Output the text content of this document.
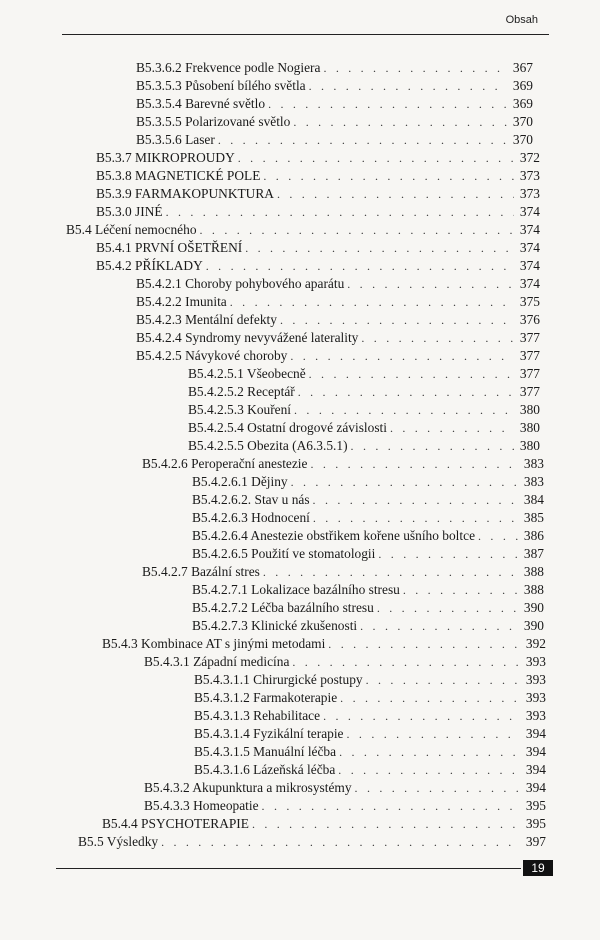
Obsah
B5.3.6.2 Frekvence podle Nogiera . . .	367
B5.3.5.3 Působení bílého světla . . .	369
B5.3.5.4 Barevné světlo . . .	369
B5.3.5.5 Polarizované světlo . . .	370
B5.3.5.6 Laser . . .	370
B5.3.7 MIKROPROUDY . . .	372
B5.3.8 MAGNETICKÉ POLE . . .	373
B5.3.9 FARMAKOPUNKTURA . . .	373
B5.3.0 JINÉ . . .	374
B5.4 Léčení nemocného . . .	374
B5.4.1 PRVNÍ OŠETŘENÍ . . .	374
B5.4.2 PŘÍKLADY . . .	374
B5.4.2.1 Choroby pohybového aparátu . . .	374
B5.4.2.2 Imunita . . .	375
B5.4.2.3 Mentální defekty . . .	376
B5.4.2.4 Syndromy nevyvážené laterality . . .	377
B5.4.2.5 Návykové choroby . . .	377
B5.4.2.5.1 Všeobecně . . .	377
B5.4.2.5.2 Receptář . . .	377
B5.4.2.5.3 Kouření . . .	380
B5.4.2.5.4 Ostatní drogové závislosti . . .	380
B5.4.2.5.5 Obezita (A6.3.5.1) . . .	380
B5.4.2.6 Peroperační anestezie . . .	383
B5.4.2.6.1 Dějiny . . .	383
B5.4.2.6.2. Stav u nás . . .	384
B5.4.2.6.3 Hodnocení . . .	385
B5.4.2.6.4 Anestezie obstřikem kořene ušního boltce . . .	386
B5.4.2.6.5 Použití ve stomatologii . . .	387
B5.4.2.7 Bazální stres . . .	388
B5.4.2.7.1 Lokalizace bazálního stresu . . .	388
B5.4.2.7.2 Léčba bazálního stresu . . .	390
B5.4.2.7.3 Klinické zkušenosti . . .	390
B5.4.3 Kombinace AT s jinými metodami . . .	392
B5.4.3.1 Západní medicína . . .	393
B5.4.3.1.1 Chirurgické postupy . . .	393
B5.4.3.1.2 Farmakoterapie . . .	393
B5.4.3.1.3 Rehabilitace . . .	393
B5.4.3.1.4 Fyzikální terapie . . .	394
B5.4.3.1.5 Manuální léčba . . .	394
B5.4.3.1.6 Lázeňská léčba . . .	394
B5.4.3.2 Akupunktura a mikrosystémy . . .	394
B5.4.3.3 Homeopatie . . .	395
B5.4.4 PSYCHOTERAPIE . . .	395
B5.5 Výsledky . . .	397
19
